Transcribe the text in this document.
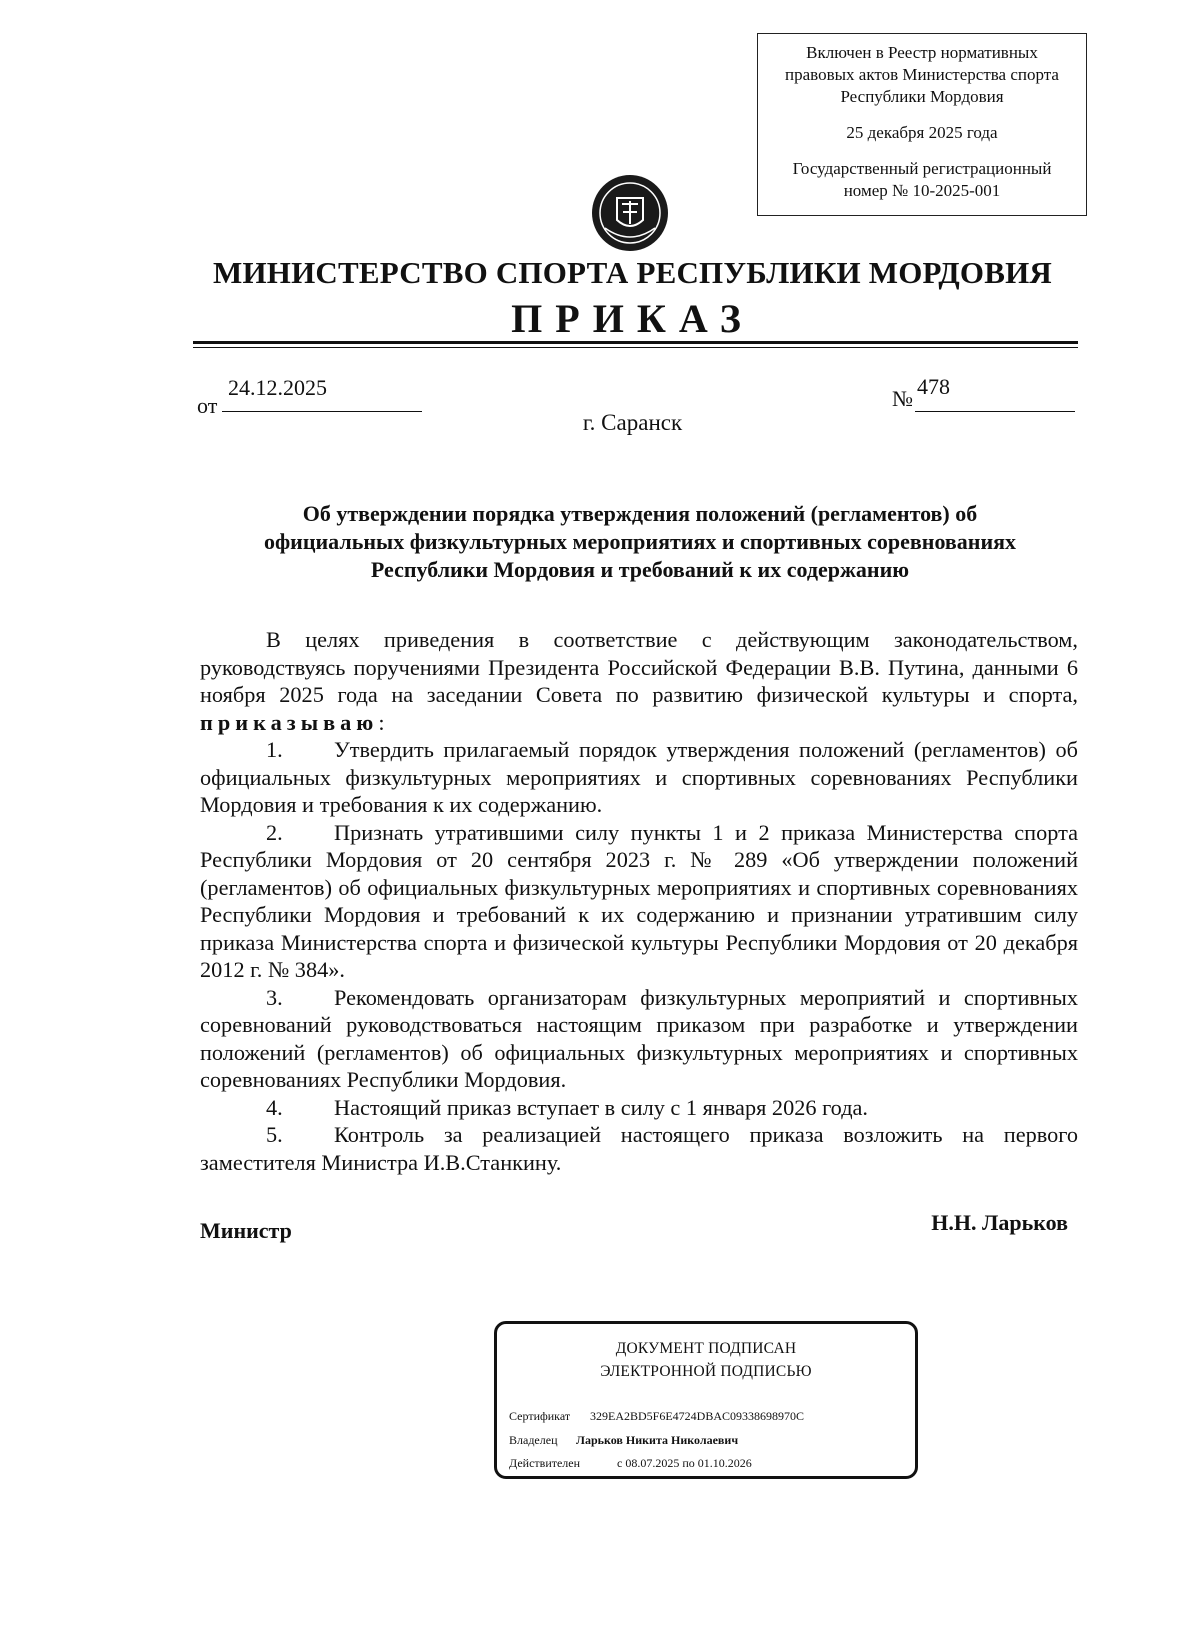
Включен в Реестр нормативных
правовых актов Министерства спорта
Республики Мордовия
25 декабря 2025 года
Государственный регистрационный
номер № 10-2025-001
МИНИСТЕРСТВО СПОРТА РЕСПУБЛИКИ МОРДОВИЯ
ПРИКАЗ
от
24.12.2025	№ 478
г. Саранск
Об утверждении порядка утверждения положений (регламентов) об
официальных физкультурных мероприятиях и спортивных соревнованиях
Республики Мордовия и требований к их содержанию

В целях приведения в соответствие с действующим законодательством, руководствуясь поручениями Президента Российской Федерации В.В. Путина, данными 6 ноября 2025 года на заседании Совета по развитию физической культуры и спорта, приказываю:

1. Утвердить прилагаемый порядок утверждения положений (регламентов) об официальных физкультурных мероприятиях и спортивных соревнованиях Республики Мордовия и требования к их содержанию.

2. Признать утратившими силу пункты 1 и 2 приказа Министерства спорта Республики Мордовия от 20 сентября 2023 г. № 289 «Об утверждении положений (регламентов) об официальных физкультурных мероприятиях и спортивных соревнованиях Республики Мордовия и требований к их содержанию и признании утратившим силу приказа Министерства спорта и физической культуры Республики Мордовия от 20 декабря 2012 г. № 384».

3. Рекомендовать организаторам физкультурных мероприятий и спортивных соревнований руководствоваться настоящим приказом при разработке и утверждении положений (регламентов) об официальных физкультурных мероприятиях и спортивных соревнованиях Республики Мордовия.

4. Настоящий приказ вступает в силу с 1 января 2026 года.

5. Контроль за реализацией настоящего приказа возложить на первого заместителя Министра И.В.Станкину.

Министр	Н.Н. Ларьков
ДОКУМЕНТ ПОДПИСАН
ЭЛЕКТРОННОЙ ПОДПИСЬЮ
Сертификат 329EA2BD5F6E4724DBAC09338698970C
Владелец Ларьков Никита Николаевич
Действителен	с 08.07.2025 по 01.10.2026
